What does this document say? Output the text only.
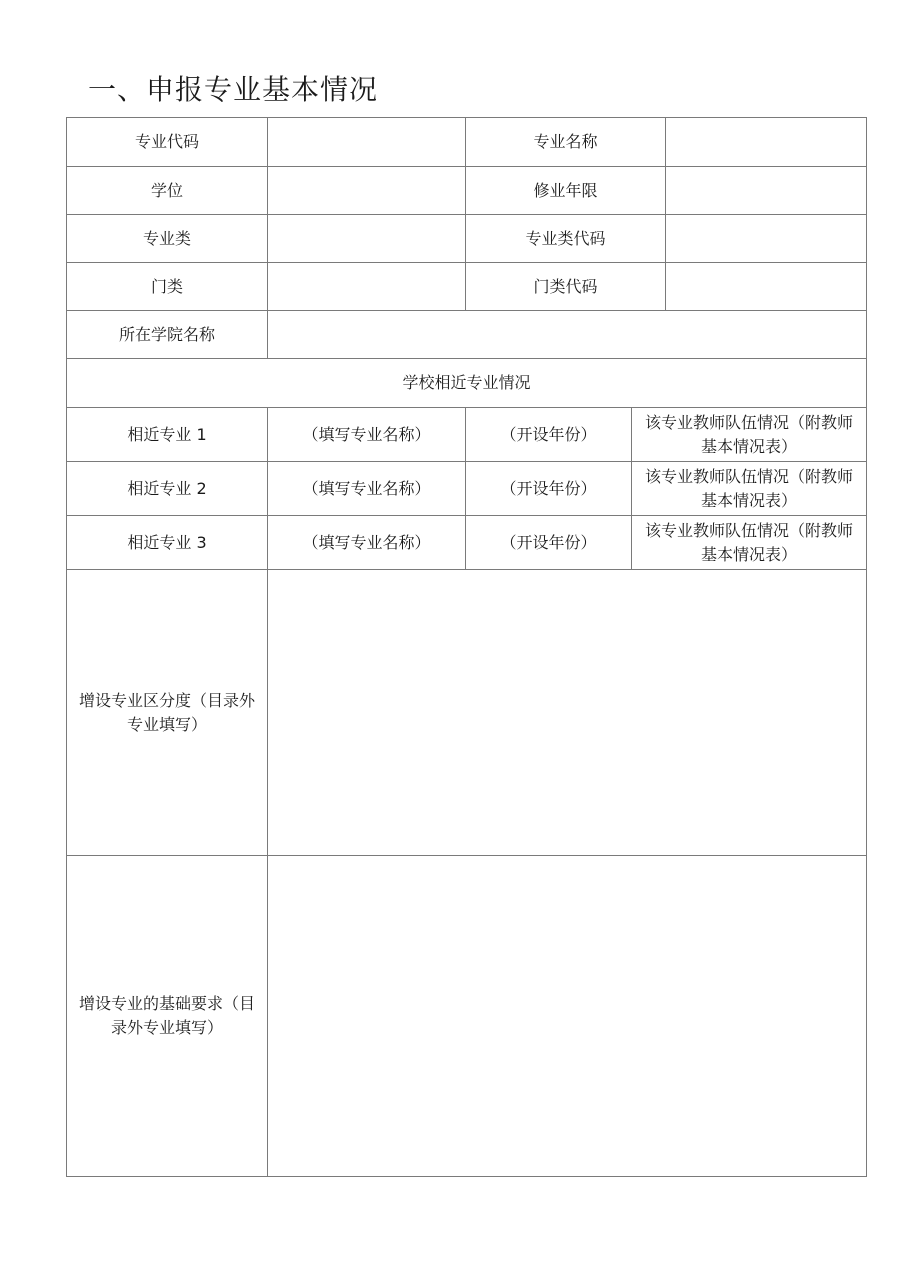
一、申报专业基本情况
专业代码		专业名称		
学位		修业年限		
专业类		专业类代码		
门类		门类代码		
所在学院名称				
学校相近专业情况				
相近专业 1	（填写专业名称）	（开设年份）	该专业教师队伍情况（附教师基本情况表）	
相近专业 2	（填写专业名称）	（开设年份）	该专业教师队伍情况（附教师基本情况表）	
相近专业 3	（填写专业名称）	（开设年份）	该专业教师队伍情况（附教师基本情况表）	
增设专业区分度（目录外专业填写）				
增设专业的基础要求（目录外专业填写）				
